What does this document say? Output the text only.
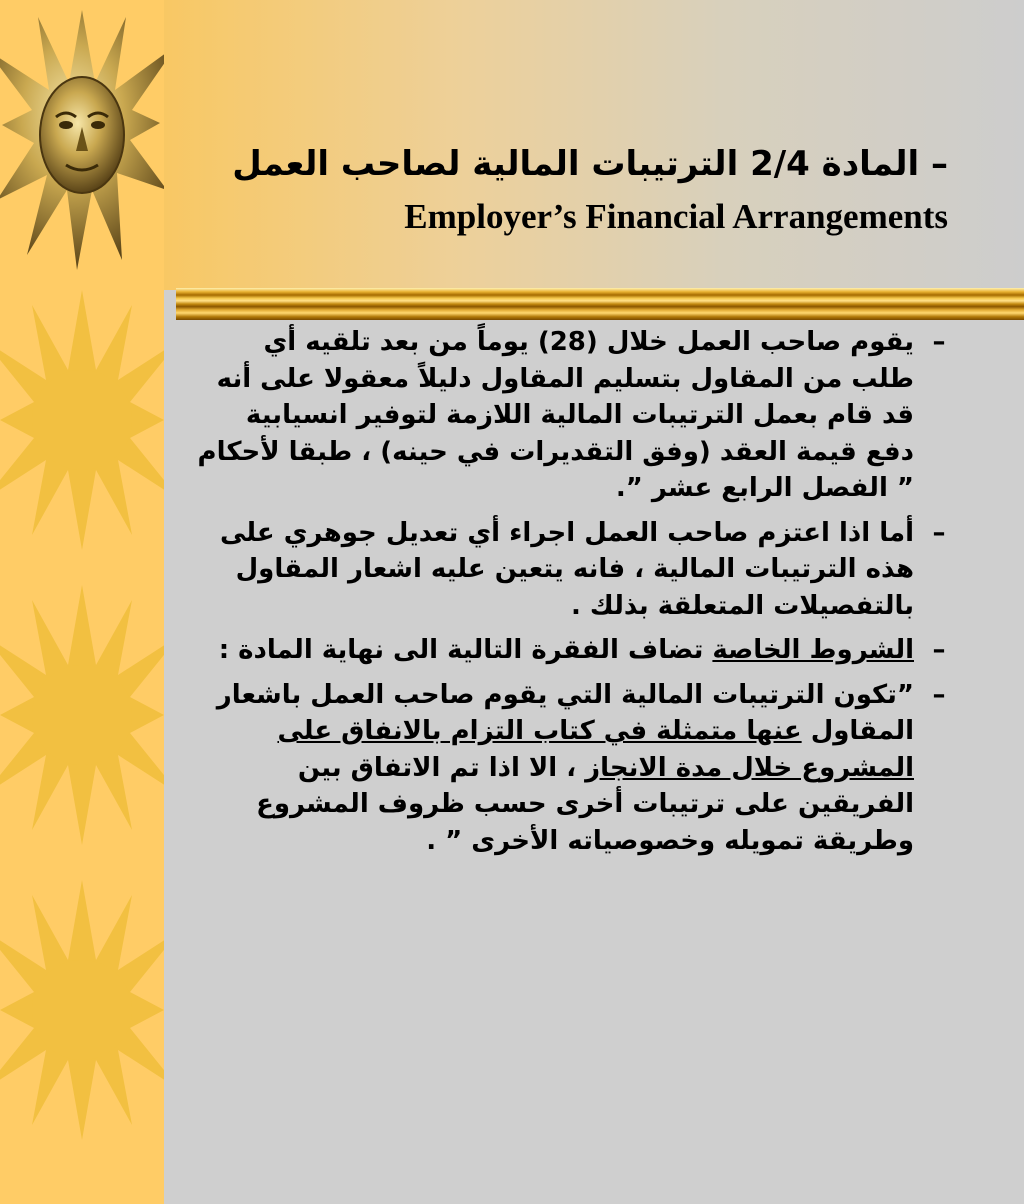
– المادة 2/4 الترتيبات المالية لصاحب العمل
Employer’s Financial Arrangements
–
يقوم صاحب العمل خلال (28) يوماً من بعد تلقيه أي طلب من المقاول بتسليم المقاول دليلاً معقولا على أنه قد قام بعمل الترتيبات المالية اللازمة لتوفير انسيابية دفع قيمة العقد (وفق التقديرات في حينه) ، طبقا لأحكام ” الفصل الرابع عشر ”.
–
أما اذا اعتزم صاحب العمل اجراء أي تعديل جوهري على هذه الترتيبات المالية ، فانه يتعين عليه اشعار المقاول بالتفصيلات المتعلقة بذلك .
–
الشروط الخاصة تضاف الفقرة التالية الى نهاية المادة :
–
”تكون الترتيبات المالية التي يقوم صاحب العمل باشعار المقاول عنها متمثلة في كتاب التزام بالانفاق على المشروع خلال مدة الانجاز ، الا اذا تم الاتفاق بين الفريقين على ترتيبات أخرى حسب ظروف المشروع وطريقة تمويله وخصوصياته الأخرى ” .
